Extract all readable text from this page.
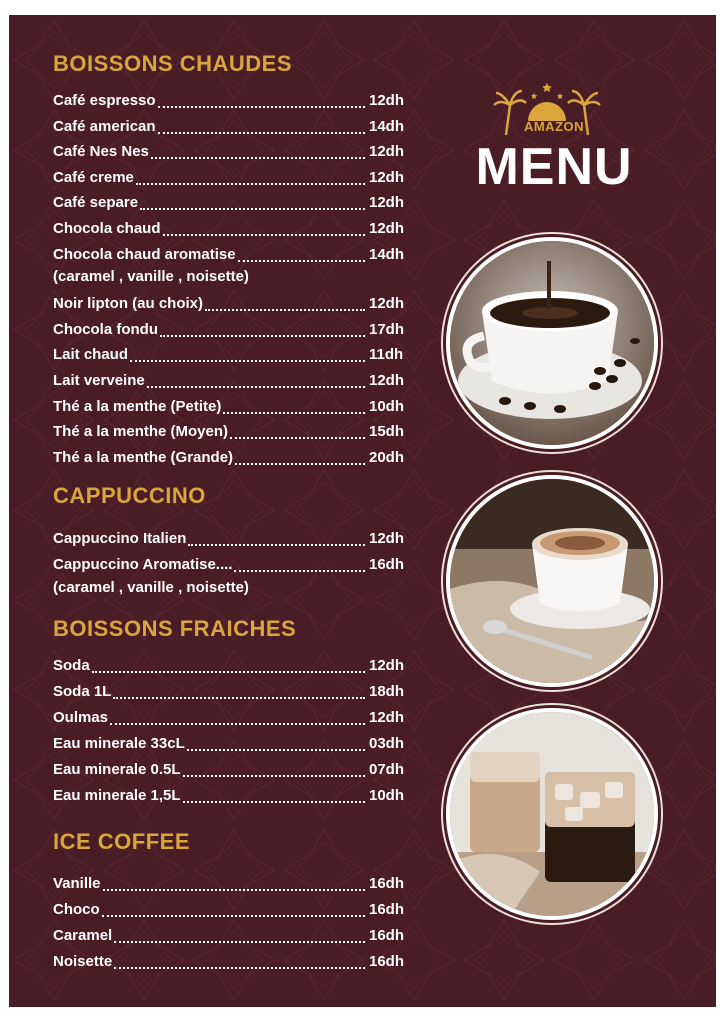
BOISSONS CHAUDES
Café espresso	12dh
Café american	14dh
Café Nes Nes	12dh
Café creme	12dh
Café separe	12dh
Chocola chaud	12dh
Chocola chaud aromatise	14dh
(caramel , vanille , noisette)
Noir lipton (au choix)	12dh
Chocola fondu	17dh
Lait chaud	11dh
Lait verveine	12dh
Thé a la menthe (Petite)	10dh
Thé a la menthe (Moyen)	15dh
Thé a la menthe (Grande)	20dh
CAPPUCCINO
Cappuccino Italien	12dh
Cappuccino Aromatise....	16dh
(caramel , vanille , noisette)
BOISSONS FRAICHES
Soda	12dh
Soda 1L	18dh
Oulmas	12dh
Eau minerale 33cL	03dh
Eau minerale 0.5L	07dh
Eau minerale 1,5L	10dh
ICE COFFEE
Vanille	16dh
Choco	16dh
Caramel	16dh
Noisette	16dh
AMAZON
MENU
